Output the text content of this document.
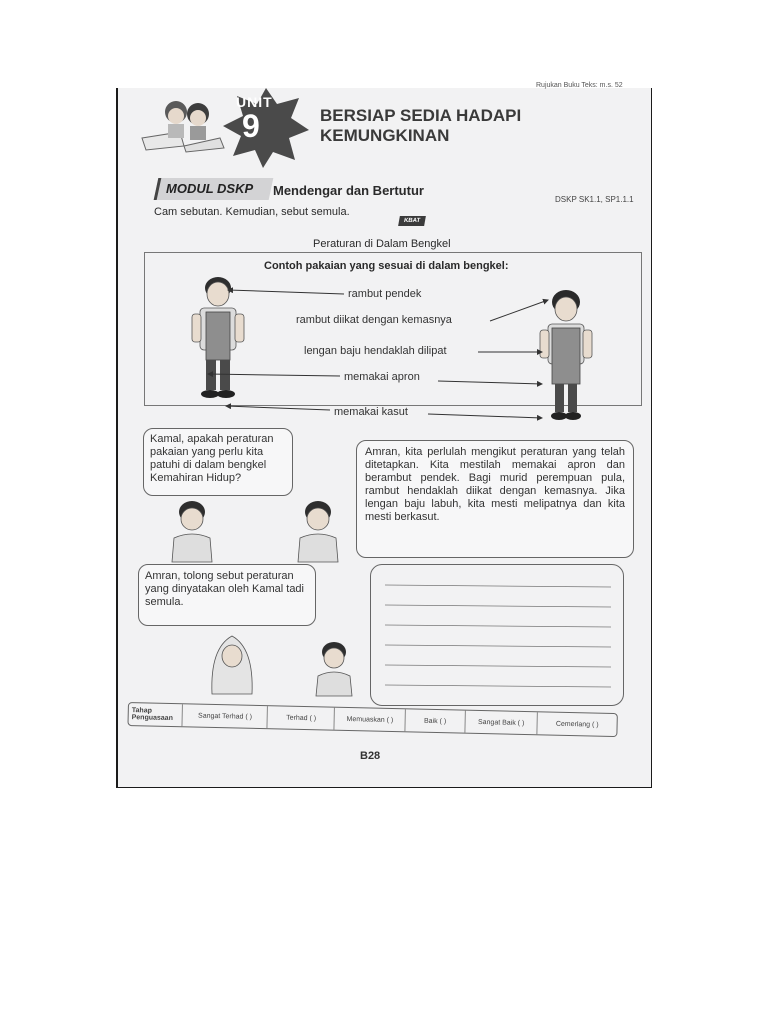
Rujukan Buku Teks: m.s. 52
UNIT
9	BERSIAP SEDIA HADAPI
KEMUNGKINAN
MODUL DSKP Mendengar dan Bertutur
DSKP SK1.1, SP1.1.1
Cam sebutan. Kemudian, sebut semula.
KBAT
Peraturan di Dalam Bengkel
Contoh pakaian yang sesuai di dalam bengkel:
rambut pendek
rambut diikat dengan kemasnya
lengan baju hendaklah dilipat
memakai apron
memakai kasut
Kamal, apakah peraturan pakaian yang perlu kita patuhi di dalam bengkel Kemahiran Hidup?
Amran, kita perlulah mengikut peraturan yang telah ditetapkan. Kita mestilah memakai apron dan berambut pendek. Bagi murid perempuan pula, rambut hendaklah diikat dengan kemasnya. Jika lengan baju labuh, kita mesti melipatnya dan kita mesti berkasut.
Amran, tolong sebut peraturan yang dinyatakan oleh Kamal tadi semula.
Tahap Penguasaan	Sangat Terhad ( )	Terhad ( )	Memuaskan ( )	Baik ( )	Sangat Baik ( )	Cemerlang ( )
B28
